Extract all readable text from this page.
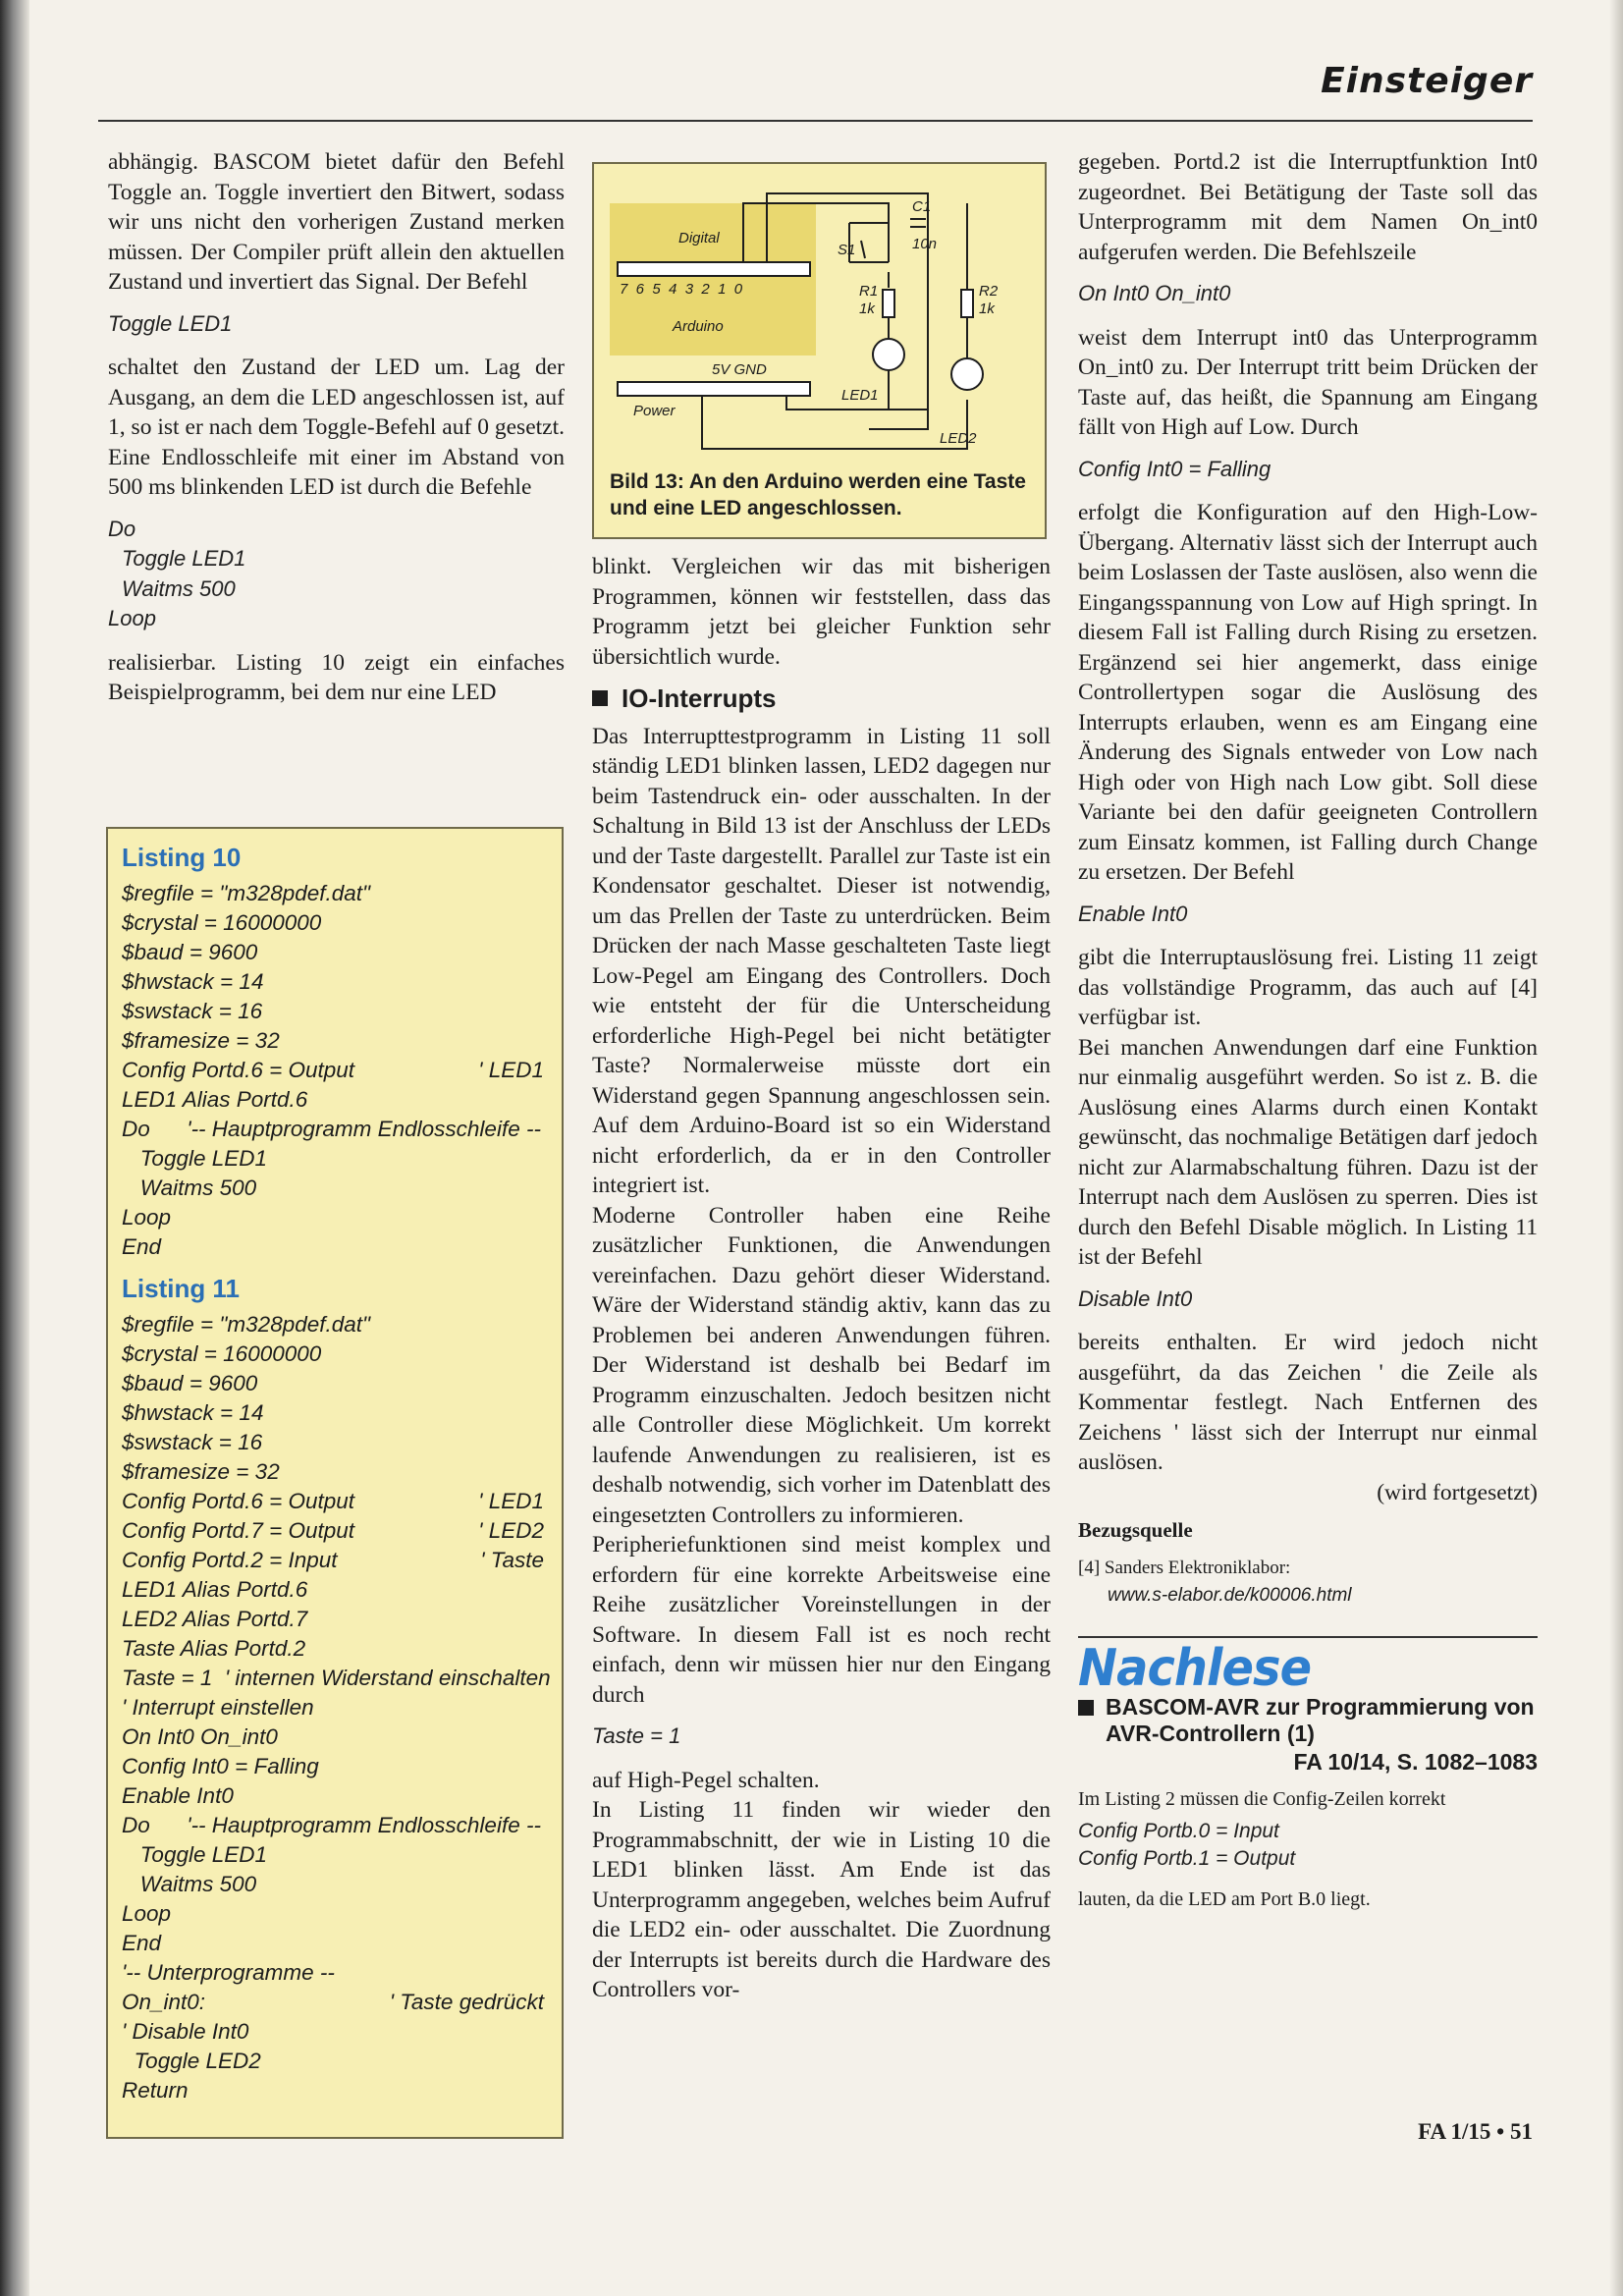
Einsteiger

abhängig. BASCOM bietet dafür den Befehl Toggle an. Toggle invertiert den Bitwert, sodass wir uns nicht den vorherigen Zustand merken müssen. Der Compiler prüft allein den aktuellen Zustand und invertiert das Signal. Der Befehl

Toggle LED1

schaltet den Zustand der LED um. Lag der Ausgang, an dem die LED angeschlossen ist, auf 1, so ist er nach dem Toggle-Befehl auf 0 gesetzt. Eine Endlosschleife mit einer im Abstand von 500 ms blinkenden LED ist durch die Befehle

Do
Toggle LED1
Waitms 500
Loop

realisierbar. Listing 10 zeigt ein einfaches Beispielprogramm, bei dem nur eine LED

Listing 10
$regfile = "m328pdef.dat"
$crystal = 16000000
$baud = 9600
$hwstack = 14
$swstack = 16
$framesize = 32
Config Portd.6 = Output	' LED1
LED1 Alias Portd.6
Do      '-- Hauptprogramm Endlosschleife --
Toggle LED1
Waitms 500
Loop
End
Listing 11
$regfile = "m328pdef.dat"
$crystal = 16000000
$baud = 9600
$hwstack = 14
$swstack = 16
$framesize = 32
Config Portd.6 = Output	' LED1
Config Portd.7 = Output	' LED2
Config Portd.2 = Input	' Taste
LED1 Alias Portd.6
LED2 Alias Portd.7
Taste Alias Portd.2
Taste = 1  ' internen Widerstand einschalten
' Interrupt einstellen
On Int0 On_int0
Config Int0 = Falling
Enable Int0
Do      '-- Hauptprogramm Endlosschleife --
Toggle LED1
Waitms 500
Loop
End
'-- Unterprogramme --
On_int0:	' Taste gedrückt
' Disable Int0
Toggle LED2
Return
Digital
7  6  5  4  3  2  1  0
Arduino
5V GND
Power
S1
C1
10n
R1
1k
R2
1k
LED1
LED2
Bild 13: An den Arduino werden eine Taste und eine LED angeschlossen.

blinkt. Vergleichen wir das mit bisherigen Programmen, können wir feststellen, dass das Programm jetzt bei gleicher Funktion sehr übersichtlich wurde.

IO-Interrupts

Das Interrupttestprogramm in Listing 11 soll ständig LED1 blinken lassen, LED2 dagegen nur beim Tastendruck ein- oder ausschalten. In der Schaltung in Bild 13 ist der Anschluss der LEDs und der Taste dargestellt. Parallel zur Taste ist ein Kondensator geschaltet. Dieser ist notwendig, um das Prellen der Taste zu unterdrücken. Beim Drücken der nach Masse geschalteten Taste liegt Low-Pegel am Eingang des Controllers. Doch wie entsteht der für die Unterscheidung erforderliche High-Pegel bei nicht betätigter Taste? Normalerweise müsste dort ein Widerstand gegen Spannung angeschlossen sein. Auf dem Arduino-Board ist so ein Widerstand nicht erforderlich, da er in den Controller integriert ist.

Moderne Controller haben eine Reihe zusätzlicher Funktionen, die Anwendungen vereinfachen. Dazu gehört dieser Widerstand. Wäre der Widerstand ständig aktiv, kann das zu Problemen bei anderen Anwendungen führen. Der Widerstand ist deshalb bei Bedarf im Programm einzuschalten. Jedoch besitzen nicht alle Controller diese Möglichkeit. Um korrekt laufende Anwendungen zu realisieren, ist es deshalb notwendig, sich vorher im Datenblatt des eingesetzten Controllers zu informieren.

Peripheriefunktionen sind meist komplex und erfordern für eine korrekte Arbeitsweise eine Reihe zusätzlicher Voreinstellungen in der Software. In diesem Fall ist es noch recht einfach, denn wir müssen hier nur den Eingang durch

Taste = 1

auf High-Pegel schalten.

In Listing 11 finden wir wieder den Programmabschnitt, der wie in Listing 10 die LED1 blinken lässt. Am Ende ist das Unterprogramm angegeben, welches beim Aufruf die LED2 ein- oder ausschaltet. Die Zuordnung der Interrupts ist bereits durch die Hardware des Controllers vor-

gegeben. Portd.2 ist die Interruptfunktion Int0 zugeordnet. Bei Betätigung der Taste soll das Unterprogramm mit dem Namen On_int0 aufgerufen werden. Die Befehlszeile

On Int0 On_int0

weist dem Interrupt int0 das Unterprogramm On_int0 zu. Der Interrupt tritt beim Drücken der Taste auf, das heißt, die Spannung am Eingang fällt von High auf Low. Durch

Config Int0 = Falling

erfolgt die Konfiguration auf den High-Low-Übergang. Alternativ lässt sich der Interrupt auch beim Loslassen der Taste auslösen, also wenn die Eingangsspannung von Low auf High springt. In diesem Fall ist Falling durch Rising zu ersetzen. Ergänzend sei hier angemerkt, dass einige Controllertypen sogar die Auslösung des Interrupts erlauben, wenn es am Eingang eine Änderung des Signals entweder von Low nach High oder von High nach Low gibt. Soll diese Variante bei den dafür geeigneten Controllern zum Einsatz kommen, ist Falling durch Change zu ersetzen. Der Befehl

Enable Int0

gibt die Interruptauslösung frei. Listing 11 zeigt das vollständige Programm, das auch auf [4] verfügbar ist.

Bei manchen Anwendungen darf eine Funktion nur einmalig ausgeführt werden. So ist z. B. die Auslösung eines Alarms durch einen Kontakt gewünscht, das nochmalige Betätigen darf jedoch nicht zur Alarmabschaltung führen. Dazu ist der Interrupt nach dem Auslösen zu sperren. Dies ist durch den Befehl Disable möglich. In Listing 11 ist der Befehl

Disable Int0

bereits enthalten. Er wird jedoch nicht ausgeführt, da das Zeichen ' die Zeile als Kommentar festlegt. Nach Entfernen des Zeichens ' lässt sich der Interrupt nur einmal auslösen.

(wird fortgesetzt)
Bezugsquelle

[4] Sanders Elektroniklabor:

www.s-elabor.de/k00006.html
Nachlese
BASCOM-AVR zur Programmierung von AVR-Controllern (1)
FA 10/14, S. 1082–1083

Im Listing 2 müssen die Config-Zeilen korrekt

Config Portb.0 = Input
Config Portb.1 = Output

lauten, da die LED am Port B.0 liegt.

FA 1/15 • 51
